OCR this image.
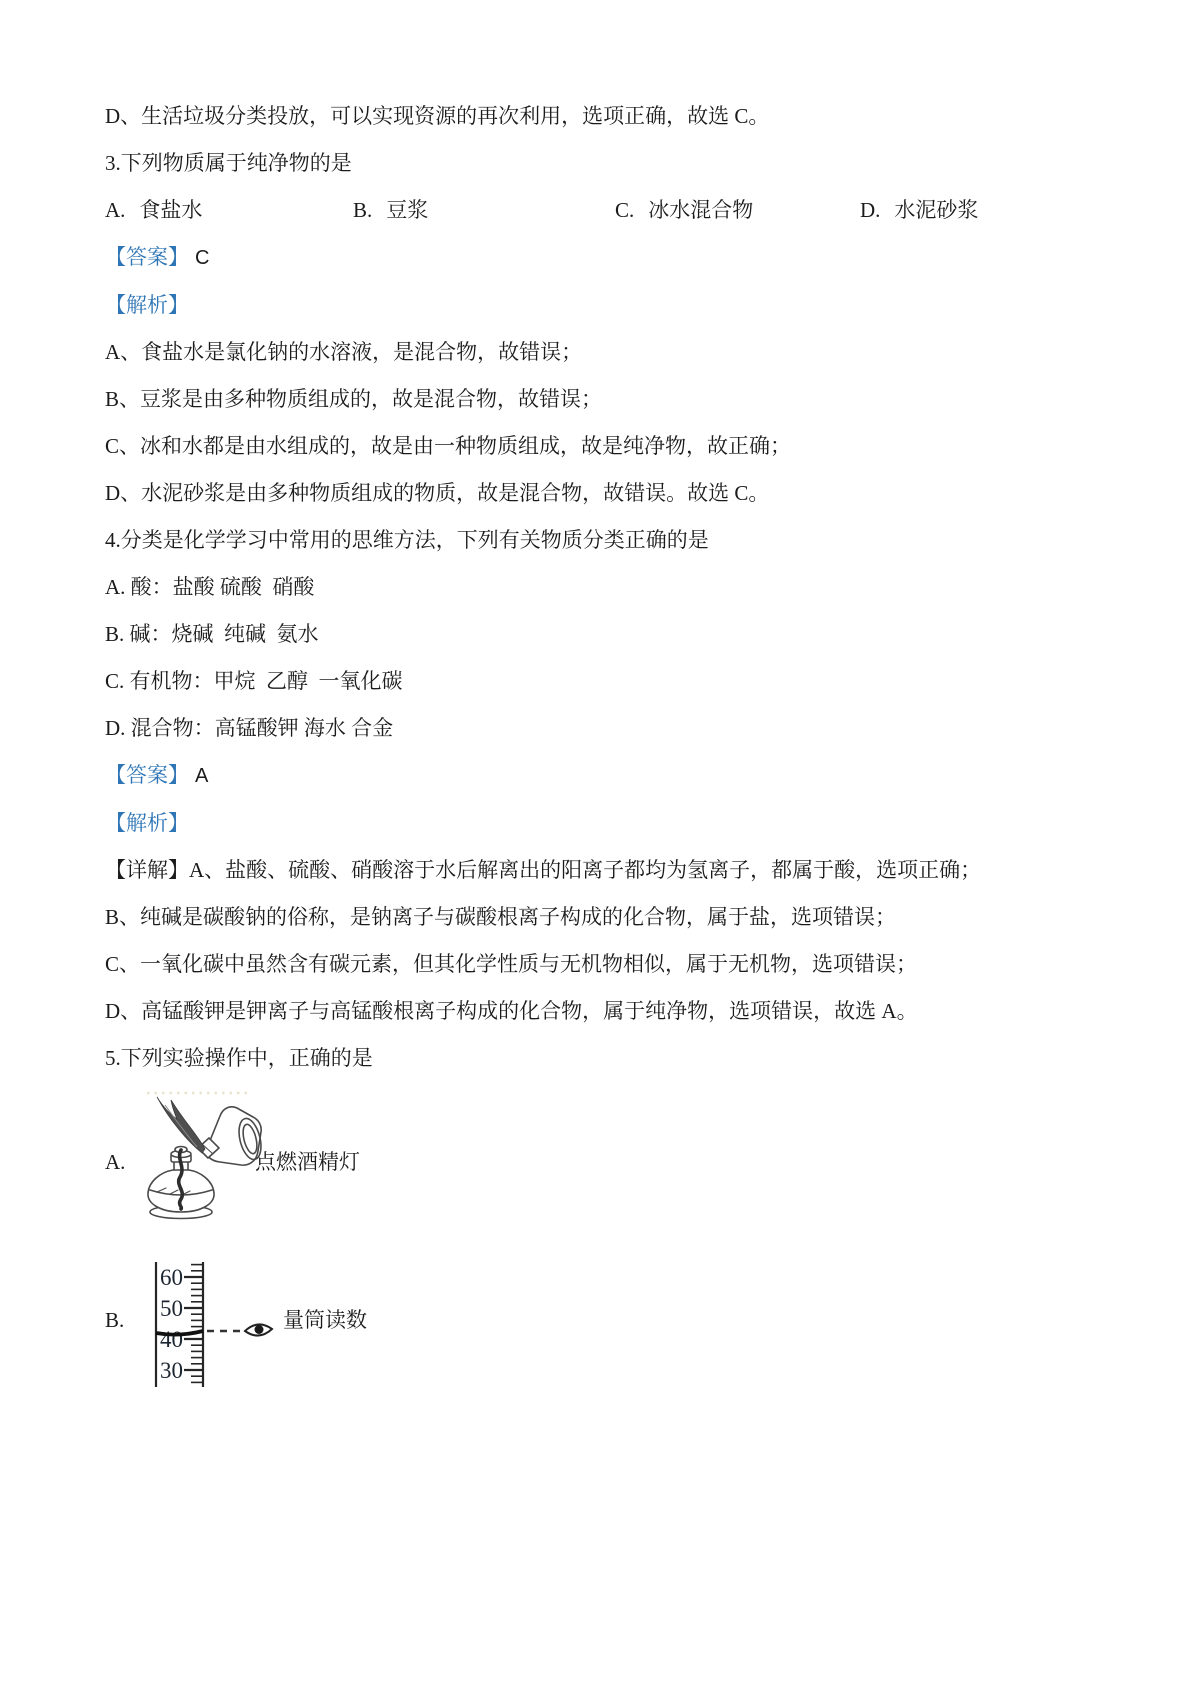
D、生活垃圾分类投放，可以实现资源的再次利用，选项正确，故选 C。

3.下列物质属于纯净物的是

A. 食盐水	B. 豆浆	C. 冰水混合物	D. 水泥砂浆

【答案】 C

【解析】

A、食盐水是氯化钠的水溶液，是混合物，故错误；

B、豆浆是由多种物质组成的，故是混合物，故错误；

C、冰和水都是由水组成的，故是由一种物质组成，故是纯净物，故正确；

D、水泥砂浆是由多种物质组成的物质，故是混合物，故错误。故选 C。

4.分类是化学学习中常用的思维方法，下列有关物质分类正确的是

A. 酸：盐酸 硫酸  硝酸

B. 碱：烧碱  纯碱  氨水

C. 有机物：甲烷  乙醇  一氧化碳

D. 混合物：高锰酸钾 海水 合金

【答案】 A

【解析】

【详解】A、盐酸、硫酸、硝酸溶于水后解离出的阳离子都均为氢离子，都属于酸，选项正确；

B、纯碱是碳酸钠的俗称，是钠离子与碳酸根离子构成的化合物，属于盐，选项错误；

C、一氧化碳中虽然含有碳元素，但其化学性质与无机物相似，属于无机物，选项错误；

D、高锰酸钾是钾离子与高锰酸根离子构成的化合物，属于纯净物，选项错误，故选 A。

5.下列实验操作中，正确的是

A.	点燃酒精灯
B.
60
50
40
30
量筒读数
